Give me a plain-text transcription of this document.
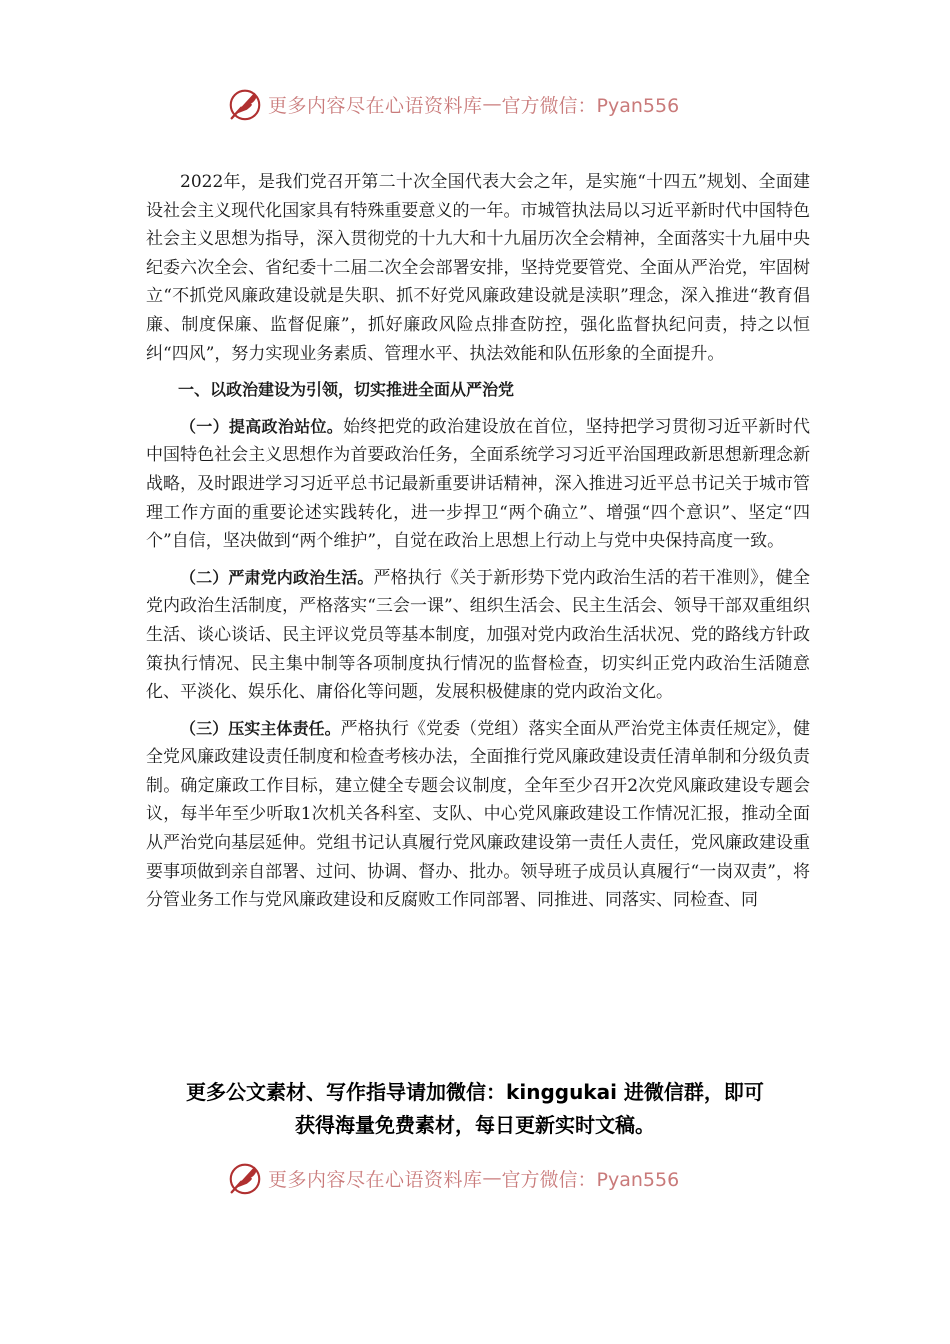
更多内容尽在心语资料库 — 官方微信：Pyan556

2022年，是我们党召开第二十次全国代表大会之年，是实施“十四五”规划、全面建设社会主义现代化国家具有特殊重要意义的一年。市城管执法局以习近平新时代中国特色社会主义思想为指导，深入贯彻党的十九大和十九届历次全会精神，全面落实十九届中央纪委六次全会、省纪委十二届二次全会部署安排，坚持党要管党、全面从严治党，牢固树立“不抓党风廉政建设就是失职、抓不好党风廉政建设就是渎职”理念，深入推进“教育倡廉、制度保廉、监督促廉”，抓好廉政风险点排查防控，强化监督执纪问责，持之以恒纠“四风”，努力实现业务素质、管理水平、执法效能和队伍形象的全面提升。

一、以政治建设为引领，切实推进全面从严治党

（一）提高政治站位。始终把党的政治建设放在首位，坚持把学习贯彻习近平新时代中国特色社会主义思想作为首要政治任务，全面系统学习习近平治国理政新思想新理念新战略，及时跟进学习习近平总书记最新重要讲话精神，深入推进习近平总书记关于城市管理工作方面的重要论述实践转化，进一步捍卫“两个确立”、增强“四个意识”、坚定“四个”自信，坚决做到“两个维护”，自觉在政治上思想上行动上与党中央保持高度一致。

（二）严肃党内政治生活。严格执行《关于新形势下党内政治生活的若干准则》，健全党内政治生活制度，严格落实“三会一课”、组织生活会、民主生活会、领导干部双重组织生活、谈心谈话、民主评议党员等基本制度，加强对党内政治生活状况、党的路线方针政策执行情况、民主集中制等各项制度执行情况的监督检查，切实纠正党内政治生活随意化、平淡化、娱乐化、庸俗化等问题，发展积极健康的党内政治文化。

（三）压实主体责任。严格执行《党委（党组）落实全面从严治党主体责任规定》，健全党风廉政建设责任制度和检查考核办法，全面推行党风廉政建设责任清单制和分级负责制。确定廉政工作目标，建立健全专题会议制度，全年至少召开2次党风廉政建设专题会议，每半年至少听取1次机关各科室、支队、中心党风廉政建设工作情况汇报，推动全面从严治党向基层延伸。党组书记认真履行党风廉政建设第一责任人责任，党风廉政建设重要事项做到亲自部署、过问、协调、督办、批办。领导班子成员认真履行“一岗双责”，将分管业务工作与党风廉政建设和反腐败工作同部署、同推进、同落实、同检查、同

更多公文素材、写作指导请加微信：kinggukai 进微信群，即可
获得海量免费素材，每日更新实时文稿。
更多内容尽在心语资料库 — 官方微信：Pyan556
